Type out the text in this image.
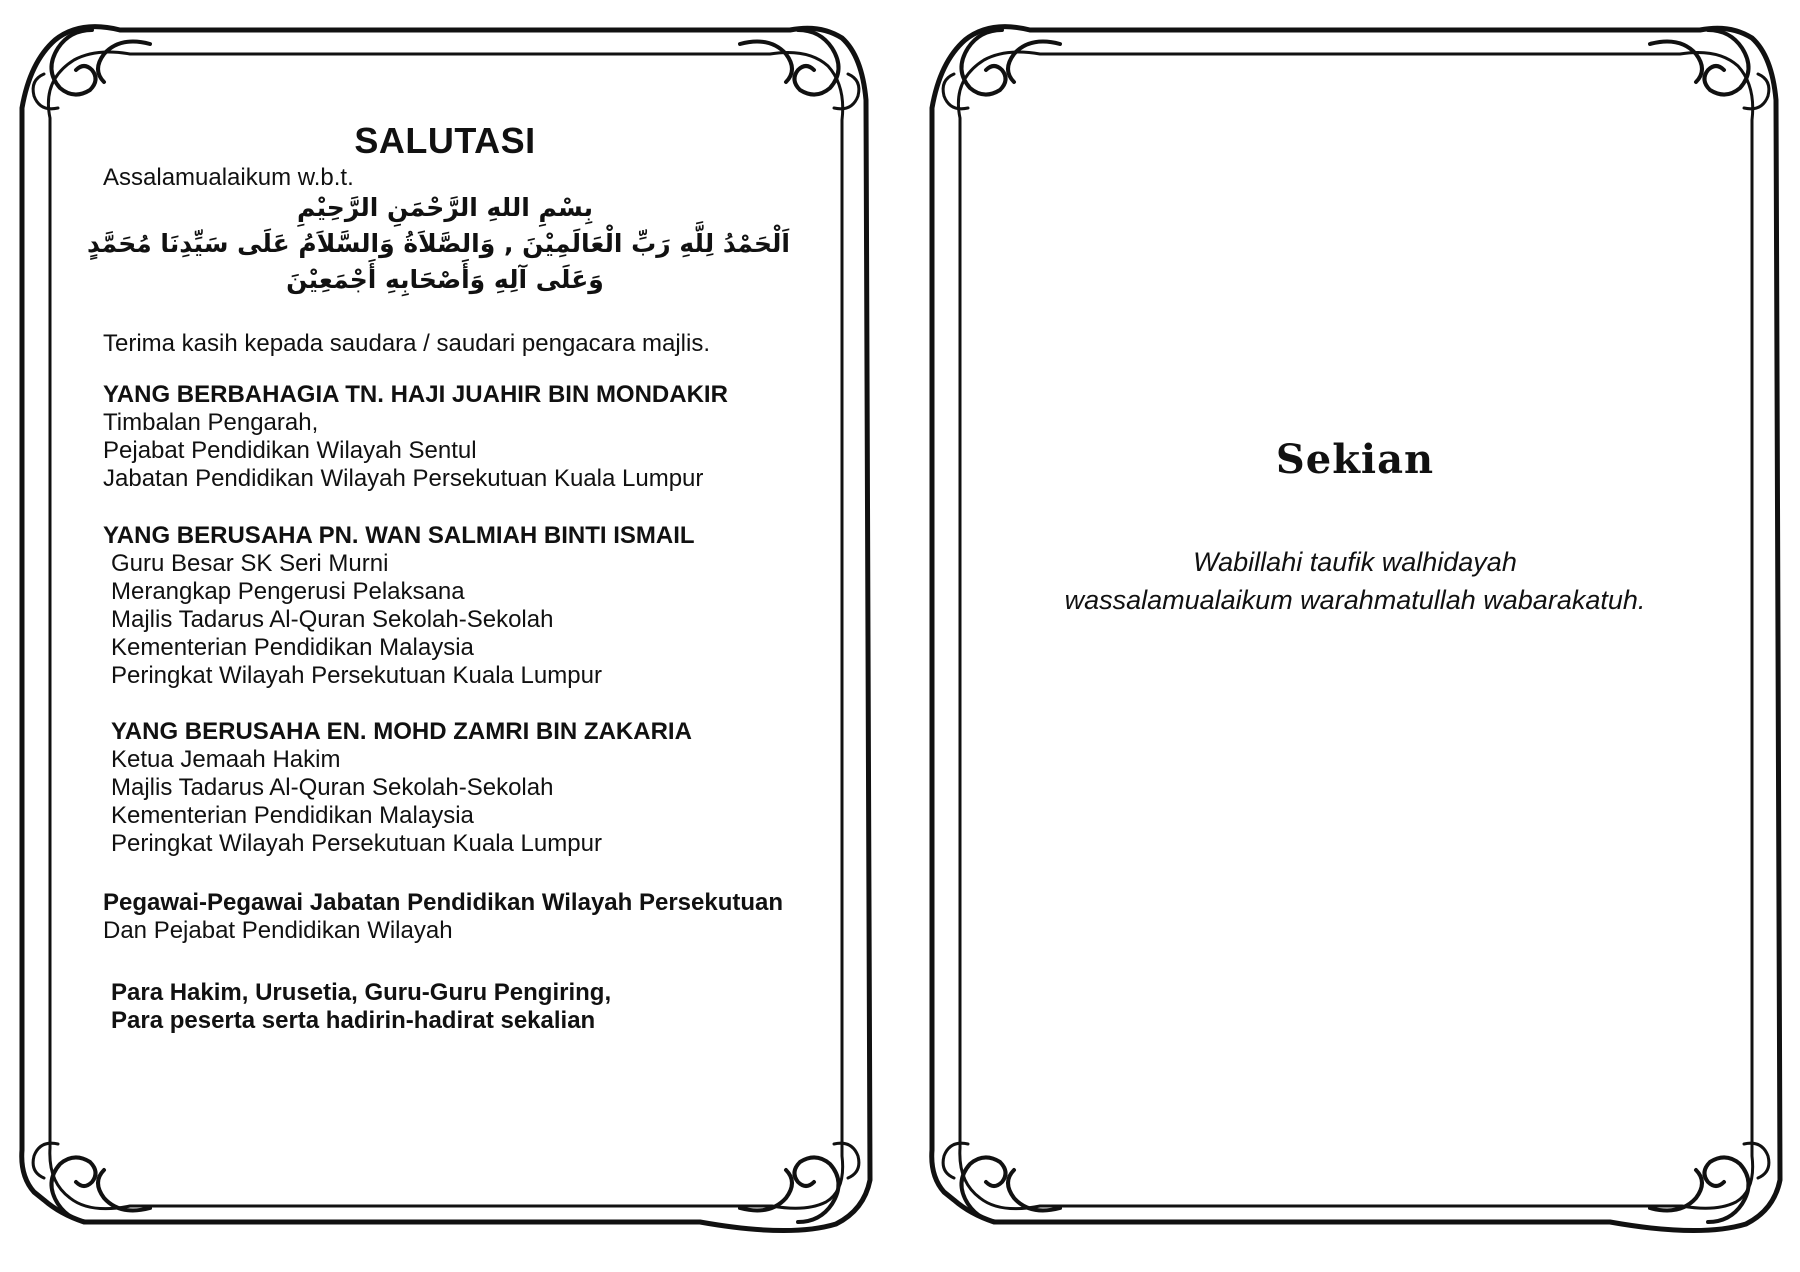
SALUTASI
Assalamualaikum w.b.t.
بِسْمِ اللهِ الرَّحْمَنِ الرَّحِيْمِ
اَلْحَمْدُ لِلَّهِ رَبِّ الْعَالَمِيْنَ , وَالصَّلاَةُ وَالسَّلاَمُ عَلَى سَيِّدِنَا مُحَمَّدٍ
وَعَلَى آلِهِ وَأَصْحَابِهِ أَجْمَعِيْنَ
Terima kasih kepada saudara / saudari pengacara majlis.
YANG BERBAHAGIA TN. HAJI JUAHIR BIN MONDAKIR
Timbalan Pengarah,
Pejabat Pendidikan Wilayah Sentul
Jabatan Pendidikan Wilayah Persekutuan Kuala Lumpur
YANG BERUSAHA PN. WAN SALMIAH BINTI ISMAIL
Guru Besar SK Seri Murni
Merangkap Pengerusi Pelaksana
Majlis Tadarus Al-Quran Sekolah-Sekolah
Kementerian Pendidikan Malaysia
Peringkat Wilayah Persekutuan Kuala Lumpur
YANG BERUSAHA EN. MOHD ZAMRI BIN ZAKARIA
Ketua Jemaah Hakim
Majlis Tadarus Al-Quran Sekolah-Sekolah
Kementerian Pendidikan Malaysia
Peringkat Wilayah Persekutuan Kuala Lumpur
Pegawai-Pegawai Jabatan Pendidikan Wilayah Persekutuan
Dan Pejabat Pendidikan Wilayah
Para Hakim, Urusetia, Guru-Guru Pengiring,
Para peserta serta hadirin-hadirat sekalian
Sekian
Wabillahi taufik walhidayah
wassalamualaikum warahmatullah wabarakatuh.
